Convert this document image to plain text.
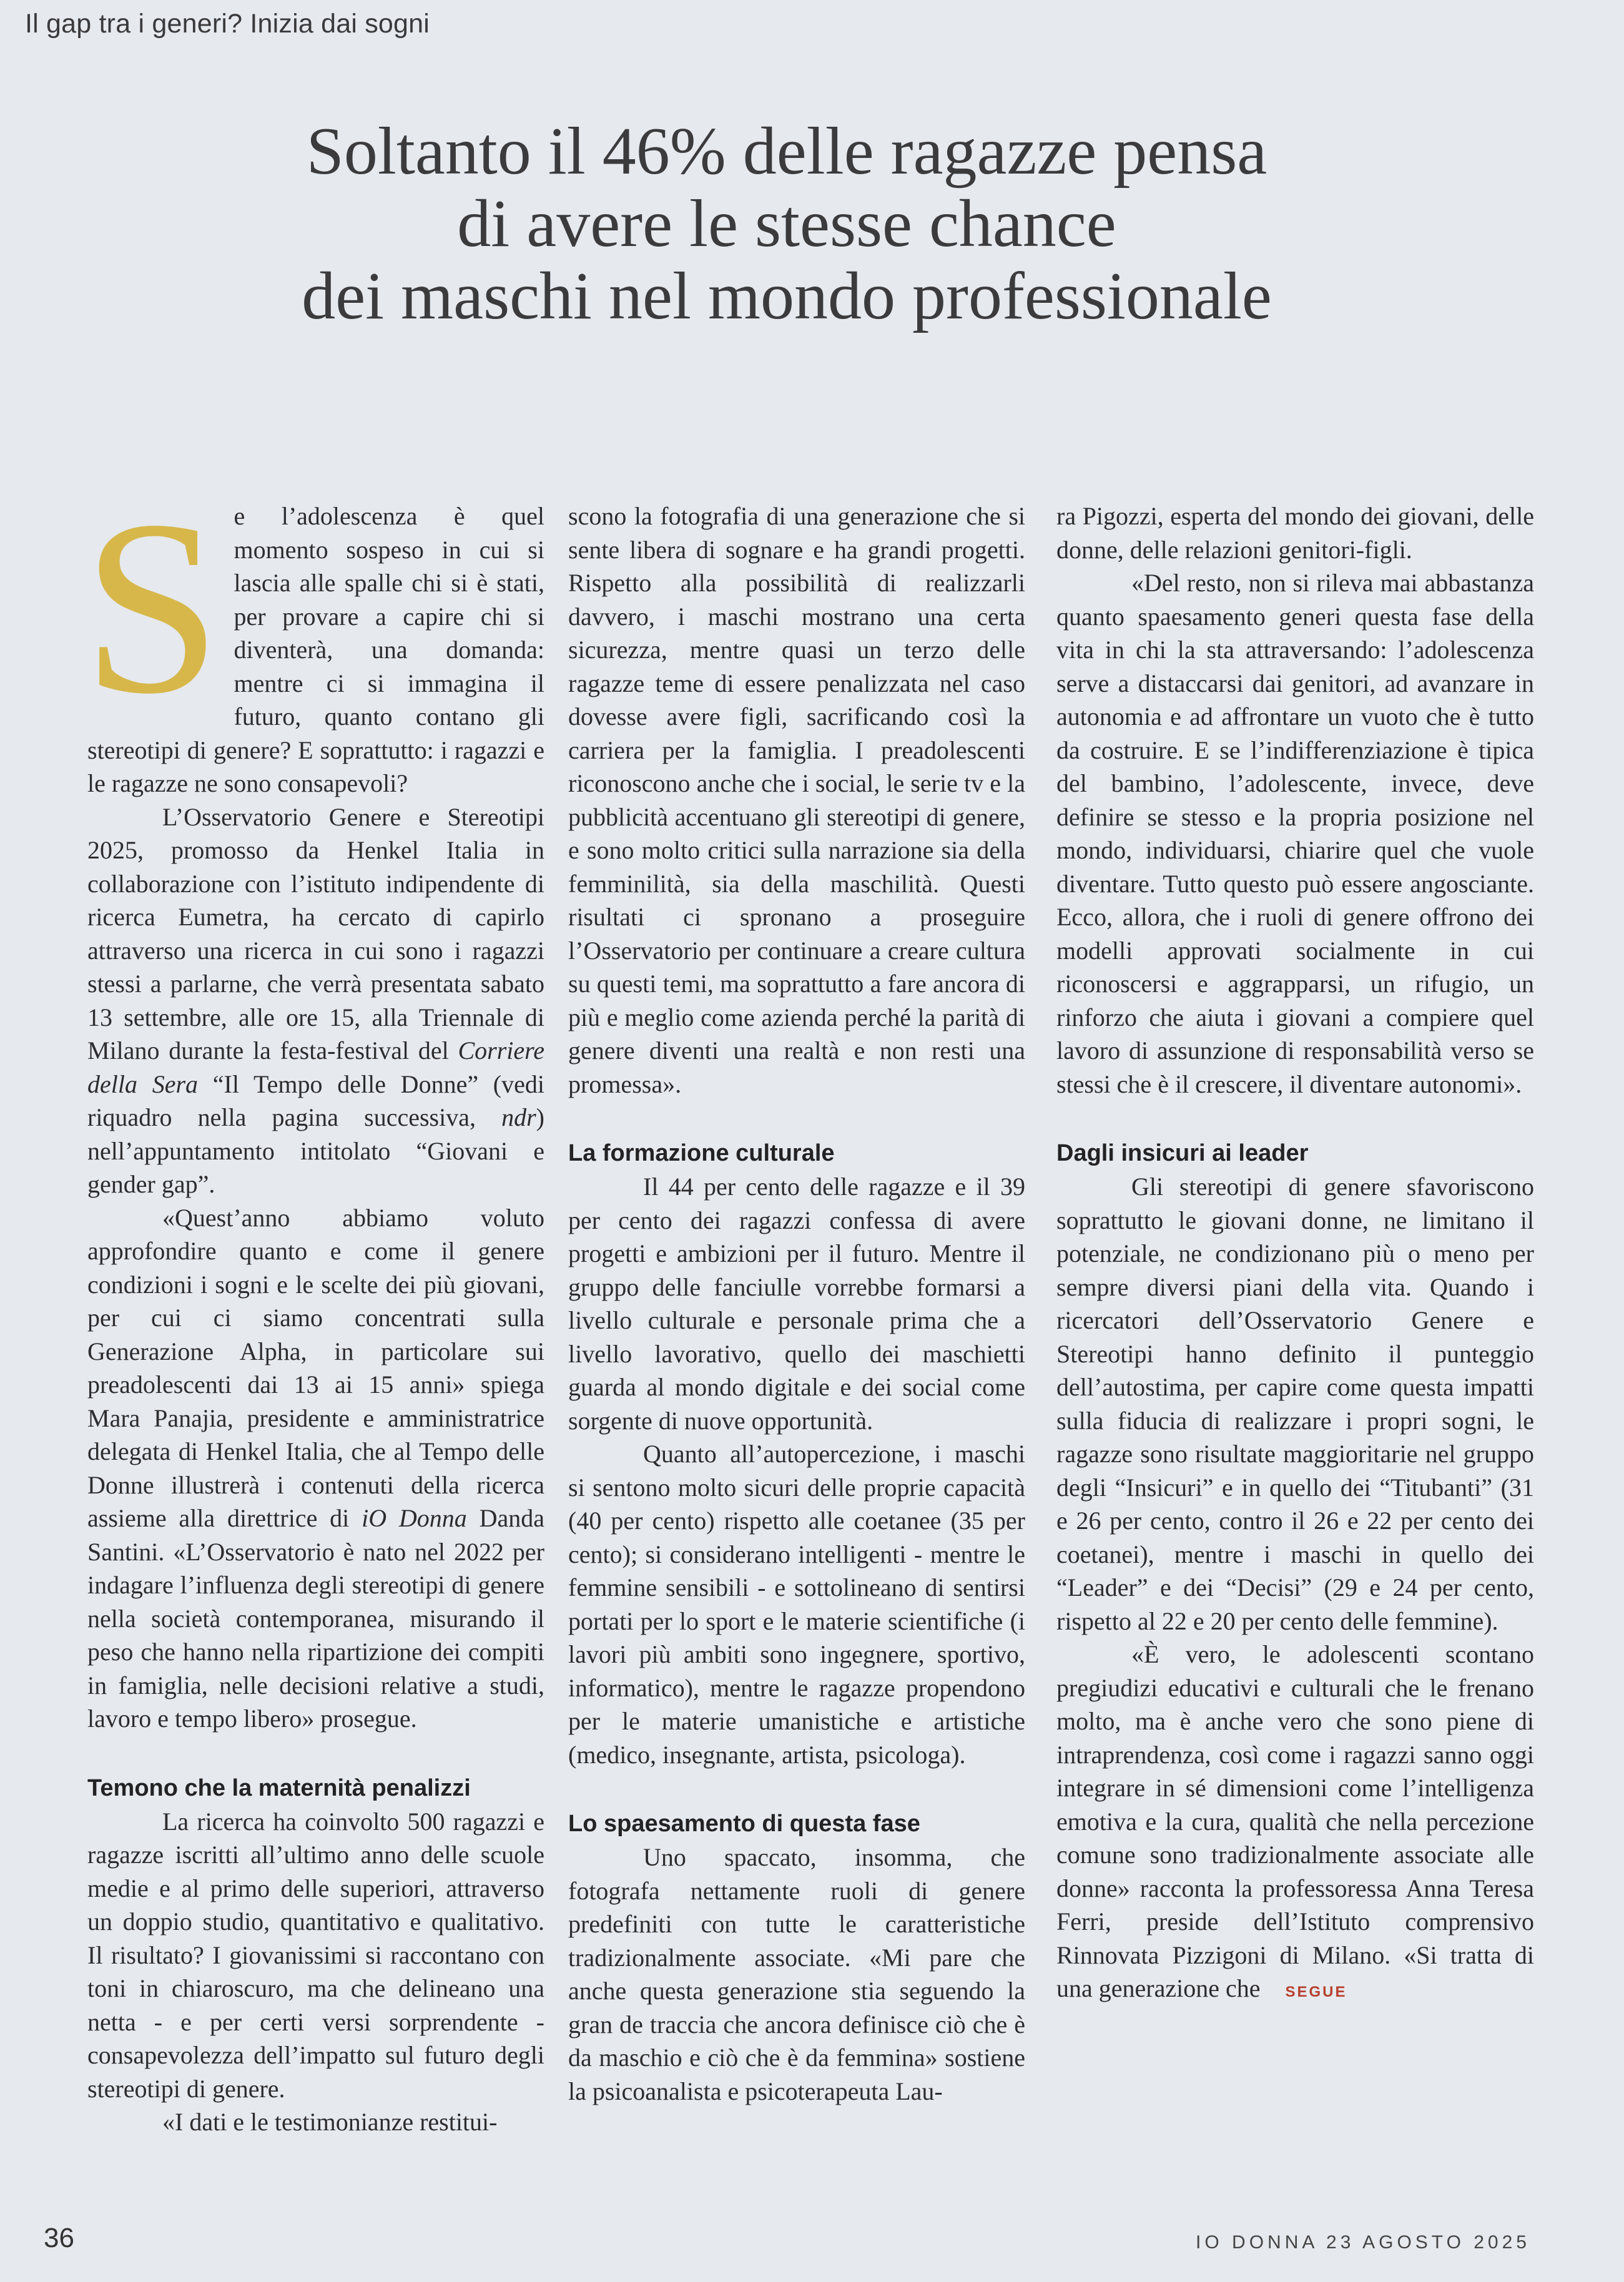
Il gap tra i generi? Inizia dai sogni
Soltanto il 46% delle ragazze pensa
di avere le stesse chance
dei maschi nel mondo professionale
S e l’adolescenza è quel momento sospeso in cui si lascia alle spalle chi si è stati, per provare a capire chi si diventerà, una domanda: mentre ci si immagina il futuro, quanto contano gli stereotipi di genere? E soprattutto: i ragazzi e le ragazze ne sono consapevoli?

L’Osservatorio Genere e Stereotipi 2025, promosso da Henkel Italia in collaborazione con l’istituto indipendente di ricerca Eumetra, ha cercato di capirlo attraverso una ricerca in cui sono i ragazzi stessi a parlarne, che verrà presentata sabato 13 settembre, alle ore 15, alla Triennale di Milano durante la festa-festival del Corriere della Sera “Il Tempo delle Donne” (vedi riquadro nella pagina successiva, ndr) nell’appuntamento intitolato “Giovani e gender gap”.

«Quest’anno abbiamo voluto approfondire quanto e come il genere condizioni i sogni e le scelte dei più giovani, per cui ci siamo concentrati sulla Generazione Alpha, in particolare sui preadolescenti dai 13 ai 15 anni» spiega Mara Panajia, presidente e amministratrice delegata di Henkel Italia, che al Tempo delle Donne illustrerà i contenuti della ricerca assieme alla direttrice di iO Donna Danda Santini. «L’Osservatorio è nato nel 2022 per indagare l’influenza degli stereotipi di genere nella società contemporanea, misurando il peso che hanno nella ripartizione dei compiti in famiglia, nelle decisioni relative a studi, lavoro e tempo libero» prosegue.

Temono che la maternità penalizzi

La ricerca ha coinvolto 500 ragazzi e ragazze iscritti all’ultimo anno delle scuole medie e al primo delle superiori, attraverso un doppio studio, quantitativo e qualitativo. Il risultato? I giovanissimi si raccontano con toni in chiaroscuro, ma che delineano una netta - e per certi versi sorprendente - consapevolezza dell’impatto sul futuro degli stereotipi di genere.

«I dati e le testimonianze restitui-

scono la fotografia di una generazione che si sente libera di sognare e ha grandi progetti. Rispetto alla possibilità di realizzarli davvero, i maschi mostrano una certa sicurezza, mentre quasi un terzo delle ragazze teme di essere penalizzata nel caso dovesse avere figli, sacrificando così la carriera per la famiglia. I preadolescenti riconoscono anche che i social, le serie tv e la pubblicità accentuano gli stereotipi di genere, e sono molto critici sulla narrazione sia della femminilità, sia della maschilità. Questi risultati ci spronano a proseguire l’Osservatorio per continuare a creare cultura su questi temi, ma soprattutto a fare ancora di più e meglio come azienda perché la parità di genere diventi una realtà e non resti una promessa».

La formazione culturale

Il 44 per cento delle ragazze e il 39 per cento dei ragazzi confessa di avere progetti e ambizioni per il futuro. Mentre il gruppo delle fanciulle vorrebbe formarsi a livello culturale e personale prima che a livello lavorativo, quello dei maschietti guarda al mondo digitale e dei social come sorgente di nuove opportunità.

Quanto all’autopercezione, i maschi si sentono molto sicuri delle proprie capacità (40 per cento) rispetto alle coetanee (35 per cento); si considerano intelligenti - mentre le femmine sensibili - e sottolineano di sentirsi portati per lo sport e le materie scientifiche (i lavori più ambiti sono ingegnere, sportivo, informatico), mentre le ragazze propendono per le materie umanistiche e artistiche (medico, insegnante, artista, psicologa).

Lo spaesamento di questa fase

Uno spaccato, insomma, che fotografa nettamente ruoli di genere predefiniti con tutte le caratteristiche tradizionalmente associate. «Mi pare che anche questa generazione stia seguendo la gran de traccia che ancora definisce ciò che è da maschio e ciò che è da femmina» sostiene la psicoanalista e psicoterapeuta Lau-

ra Pigozzi, esperta del mondo dei giovani, delle donne, delle relazioni genitori-figli.

«Del resto, non si rileva mai abbastanza quanto spaesamento generi questa fase della vita in chi la sta attraversando: l’adolescenza serve a distaccarsi dai genitori, ad avanzare in autonomia e ad affrontare un vuoto che è tutto da costruire. E se l’indifferenziazione è tipica del bambino, l’adolescente, invece, deve definire se stesso e la propria posizione nel mondo, individuarsi, chiarire quel che vuole diventare. Tutto questo può essere angosciante. Ecco, allora, che i ruoli di genere offrono dei modelli approvati socialmente in cui riconoscersi e aggrapparsi, un rifugio, un rinforzo che aiuta i giovani a compiere quel lavoro di assunzione di responsabilità verso se stessi che è il crescere, il diventare autonomi».

Dagli insicuri ai leader

Gli stereotipi di genere sfavoriscono soprattutto le giovani donne, ne limitano il potenziale, ne condizionano più o meno per sempre diversi piani della vita. Quando i ricercatori dell’Osservatorio Genere e Stereotipi hanno definito il punteggio dell’autostima, per capire come questa impatti sulla fiducia di realizzare i propri sogni, le ragazze sono risultate maggioritarie nel gruppo degli “Insicuri” e in quello dei “Titubanti” (31 e 26 per cento, contro il 26 e 22 per cento dei coetanei), mentre i maschi in quello dei “Leader” e dei “Decisi” (29 e 24 per cento, rispetto al 22 e 20 per cento delle femmine).

«È vero, le adolescenti scontano pregiudizi educativi e culturali che le frenano molto, ma è anche vero che sono piene di intraprendenza, così come i ragazzi sanno oggi integrare in sé dimensioni come l’intelligenza emotiva e la cura, qualità che nella percezione comune sono tradizionalmente associate alle donne» racconta la professoressa Anna Teresa Ferri, preside dell’Istituto comprensivo Rinnovata Pizzigoni di Milano. «Si tratta di una generazione che SEGUE

36	IO DONNA 23 AGOSTO 2025
